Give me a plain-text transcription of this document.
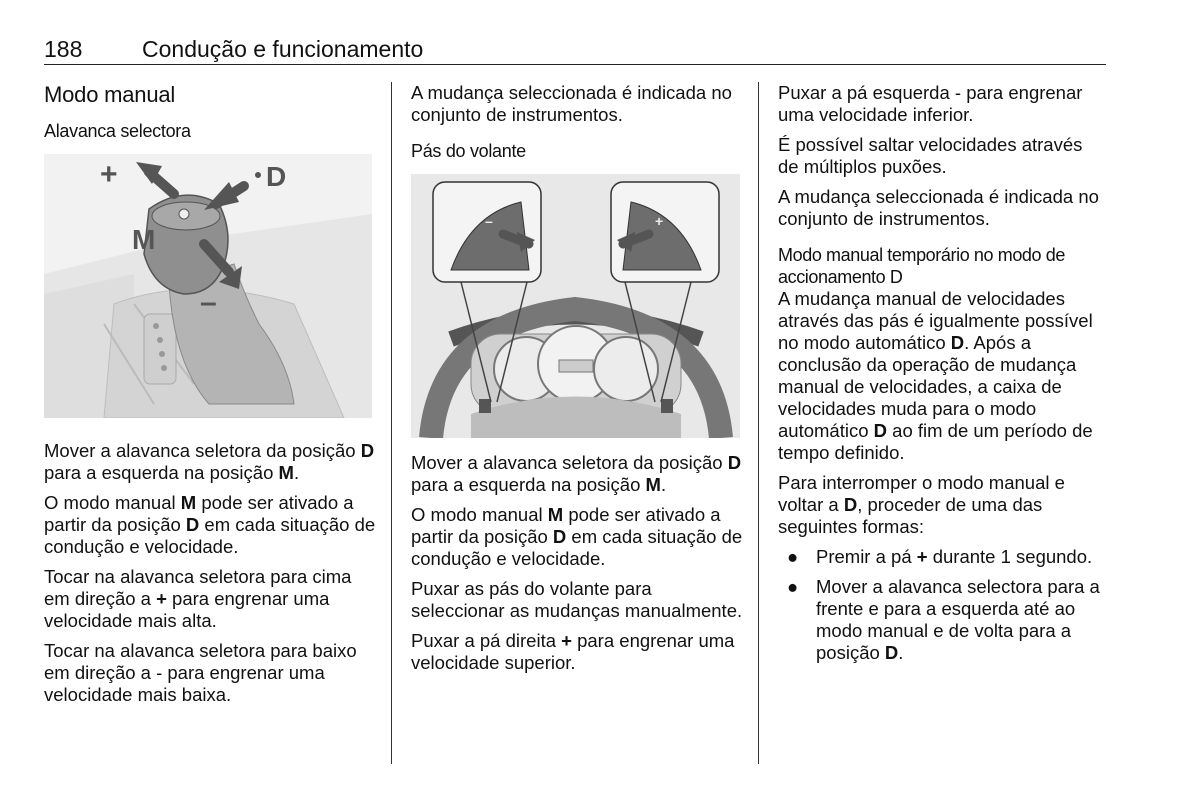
188	Condução e funcionamento
Modo manual
Alavanca selectora
+	D
M
–

Mover a alavanca seletora da posição D para a esquerda na posição M.

O modo manual M pode ser ativado a partir da posição D em cada situação de condução e velocidade.

Tocar na alavanca seletora para cima em direção a + para engrenar uma velocidade mais alta.

Tocar na alavanca seletora para baixo em direção a - para engrenar uma velocidade mais baixa.

A mudança seleccionada é indicada no conjunto de instrumentos.

Pás do volante
–	+

Mover a alavanca seletora da posição D para a esquerda na posição M.

O modo manual M pode ser ativado a partir da posição D em cada situação de condução e velocidade.

Puxar as pás do volante para seleccionar as mudanças manualmente.

Puxar a pá direita + para engrenar uma velocidade superior.

Puxar a pá esquerda - para engrenar uma velocidade inferior.

É possível saltar velocidades através de múltiplos puxões.

A mudança seleccionada é indicada no conjunto de instrumentos.

Modo manual temporário no modo de accionamento D

A mudança manual de velocidades através das pás é igualmente possível no modo automático D. Após a conclusão da operação de mudança manual de velocidades, a caixa de velocidades muda para o modo automático D ao fim de um período de tempo definido.

Para interromper o modo manual e voltar a D, proceder de uma das seguintes formas:

● Premir a pá + durante 1 segundo.
● Mover a alavanca selectora para a frente e para a esquerda até ao modo manual e de volta para a posição D.
